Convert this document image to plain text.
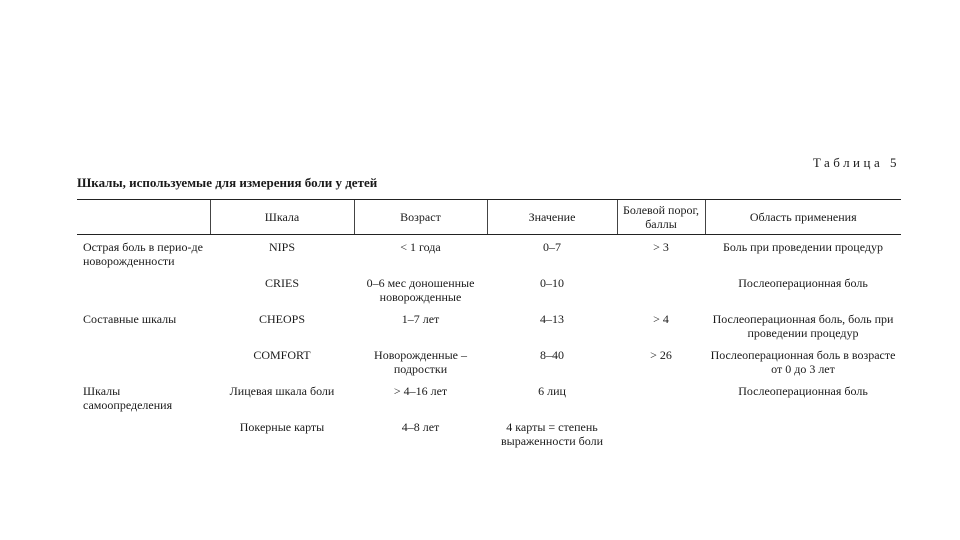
Таблица 5
Шкалы, используемые для измерения боли у детей
	Шкала	Возраст	Значение	Болевой порог, баллы	Область применения
Острая боль в перио-де новорожденности	NIPS	< 1 года	0–7	> 3	Боль при проведении процедур
	CRIES	0–6 мес доношенные новорожденные	0–10		Послеоперационная боль
Составные шкалы	CHEOPS	1–7 лет	4–13	> 4	Послеоперационная боль, боль при проведении процедур
	COMFORT	Новорожденные – подростки	8–40	> 26	Послеоперационная боль в возрасте от 0 до 3 лет
Шкалы самоопределения	Лицевая шкала боли	> 4–16 лет	6 лиц		Послеоперационная боль
	Покерные карты	4–8 лет	4 карты = степень выраженности боли		
